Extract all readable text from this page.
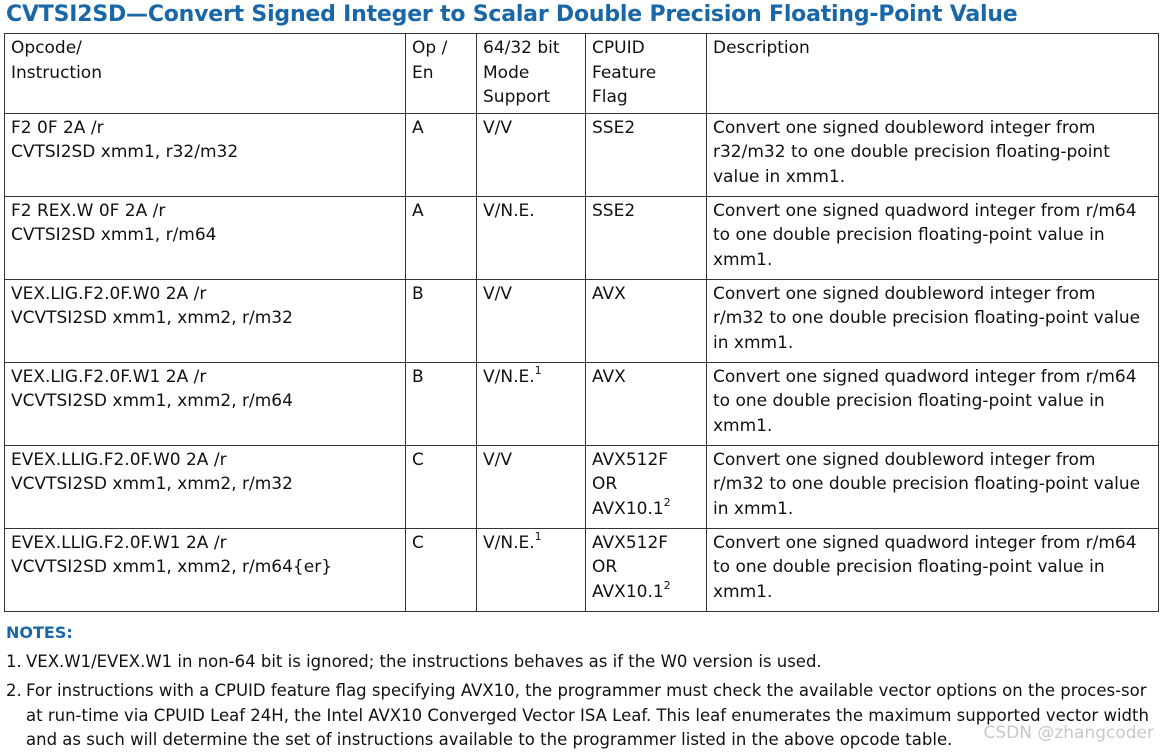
CVTSI2SD—Convert Signed Integer to Scalar Double Precision Floating-Point Value
Opcode/
Instruction	Op /
En	64/32 bit
Mode
Support	CPUID
Feature
Flag	Description

F2 0F 2A /r
CVTSI2SD xmm1, r32/m32	A	V/V	SSE2	Convert one signed doubleword integer from
r32/m32 to one double precision floating-point
value in xmm1.

F2 REX.W 0F 2A /r
CVTSI2SD xmm1, r/m64	A	V/N.E.	SSE2	Convert one signed quadword integer from r/m64
to one double precision floating-point value in
xmm1.

VEX.LIG.F2.0F.W0 2A /r
VCVTSI2SD xmm1, xmm2, r/m32	B	V/V	AVX	Convert one signed doubleword integer from
r/m32 to one double precision floating-point value
in xmm1.

VEX.LIG.F2.0F.W1 2A /r
VCVTSI2SD xmm1, xmm2, r/m64	B	V/N.E.$^1$	AVX	Convert one signed quadword integer from r/m64
to one double precision floating-point value in
xmm1.

EVEX.LLIG.F2.0F.W0 2A /r
VCVTSI2SD xmm1, xmm2, r/m32	C	V/V	AVX512F
OR
AVX10.1$^2$	Convert one signed doubleword integer from
r/m32 to one double precision floating-point value
in xmm1.

EVEX.LLIG.F2.0F.W1 2A /r
VCVTSI2SD xmm1, xmm2, r/m64{er}	C	V/N.E.$^1$	AVX512F
OR
AVX10.1$^2$	Convert one signed quadword integer from r/m64
to one double precision floating-point value in
xmm1.
NOTES:
1. VEX.W1/EVEX.W1 in non-64 bit is ignored; the instructions behaves as if the W0 version is used.
2. For instructions with a CPUID feature flag specifying AVX10, the programmer must check the available vector options on the proces-sor at run-time via CPUID Leaf 24H, the Intel AVX10 Converged Vector ISA Leaf. This leaf enumerates the maximum supported vector width and as such will determine the set of instructions available to the programmer listed in the above opcode table.	CSDN @zhangcoder
